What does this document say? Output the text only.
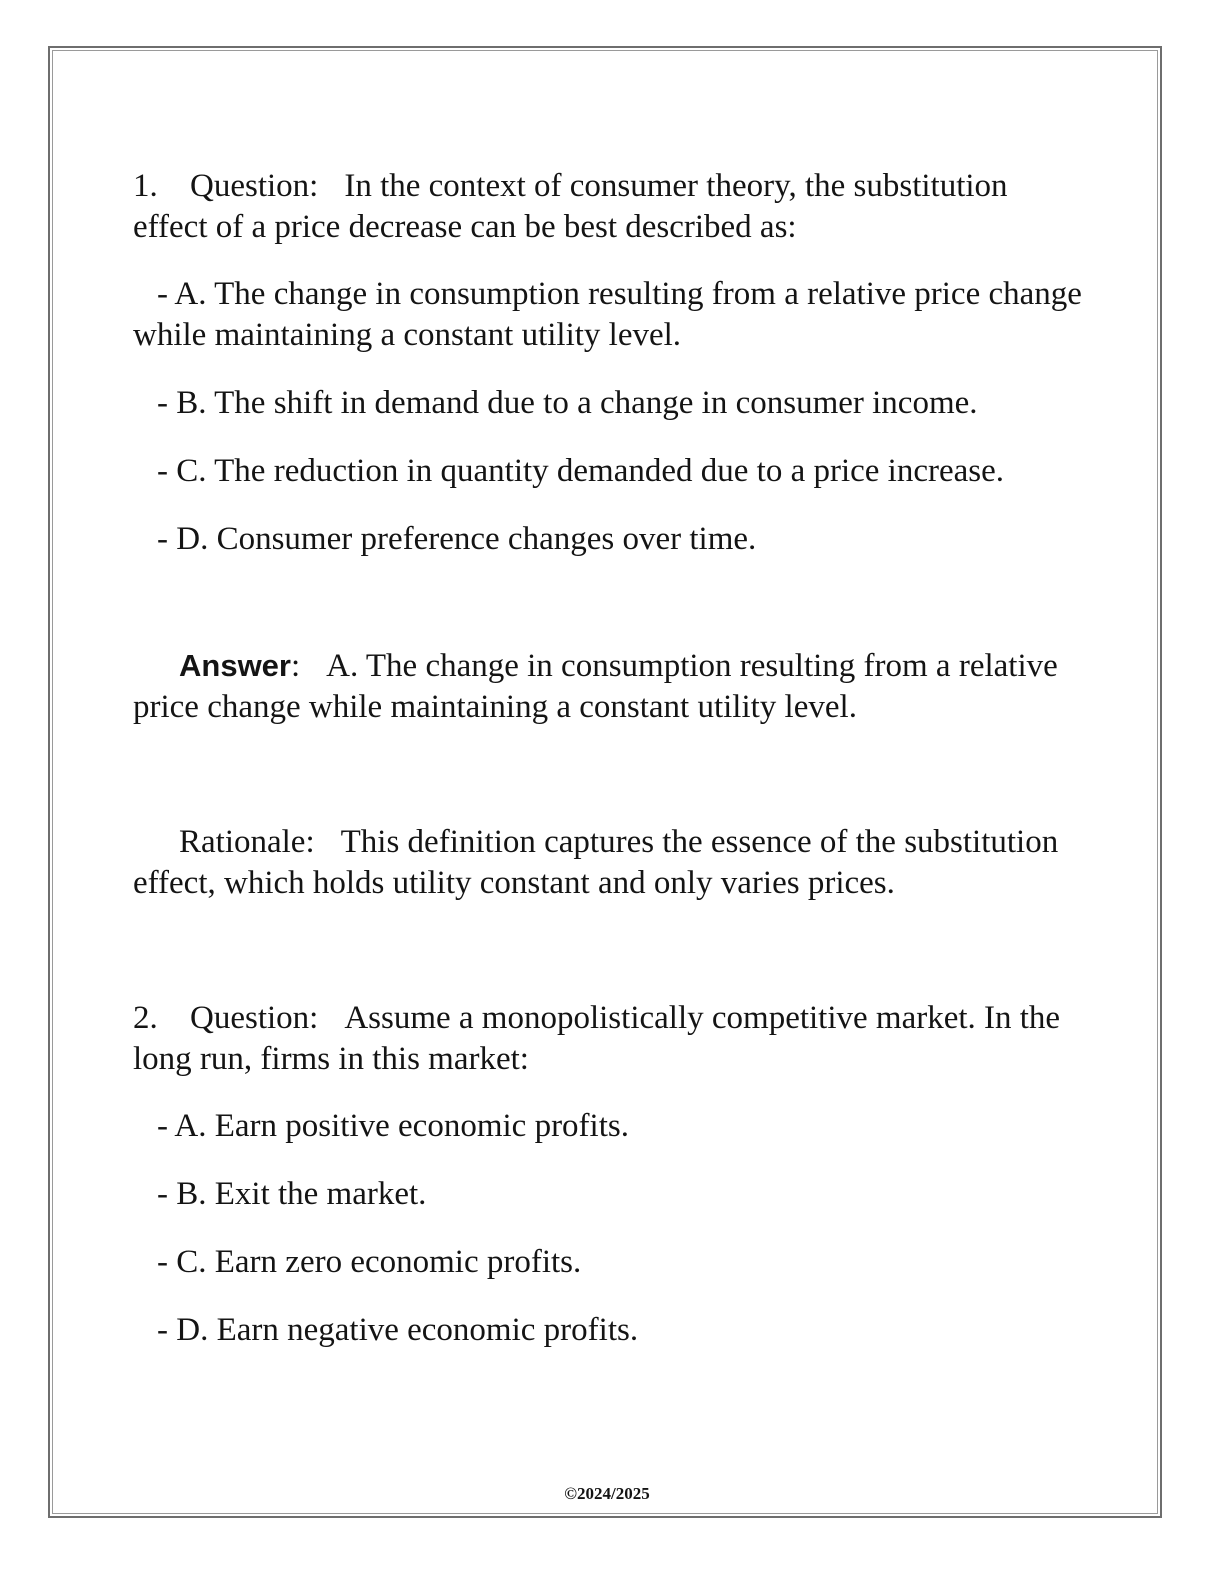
1. Question: In the context of consumer theory, the substitution effect of a price decrease can be best described as:
- A. The change in consumption resulting from a relative price change while maintaining a constant utility level.
- B. The shift in demand due to a change in consumer income.
- C. The reduction in quantity demanded due to a price increase.
- D. Consumer preference changes over time.
Answer: A. The change in consumption resulting from a relative price change while maintaining a constant utility level.
Rationale: This definition captures the essence of the substitution effect, which holds utility constant and only varies prices.
2. Question: Assume a monopolistically competitive market. In the long run, firms in this market:
- A. Earn positive economic profits.
- B. Exit the market.
- C. Earn zero economic profits.
- D. Earn negative economic profits.
©2024/2025
